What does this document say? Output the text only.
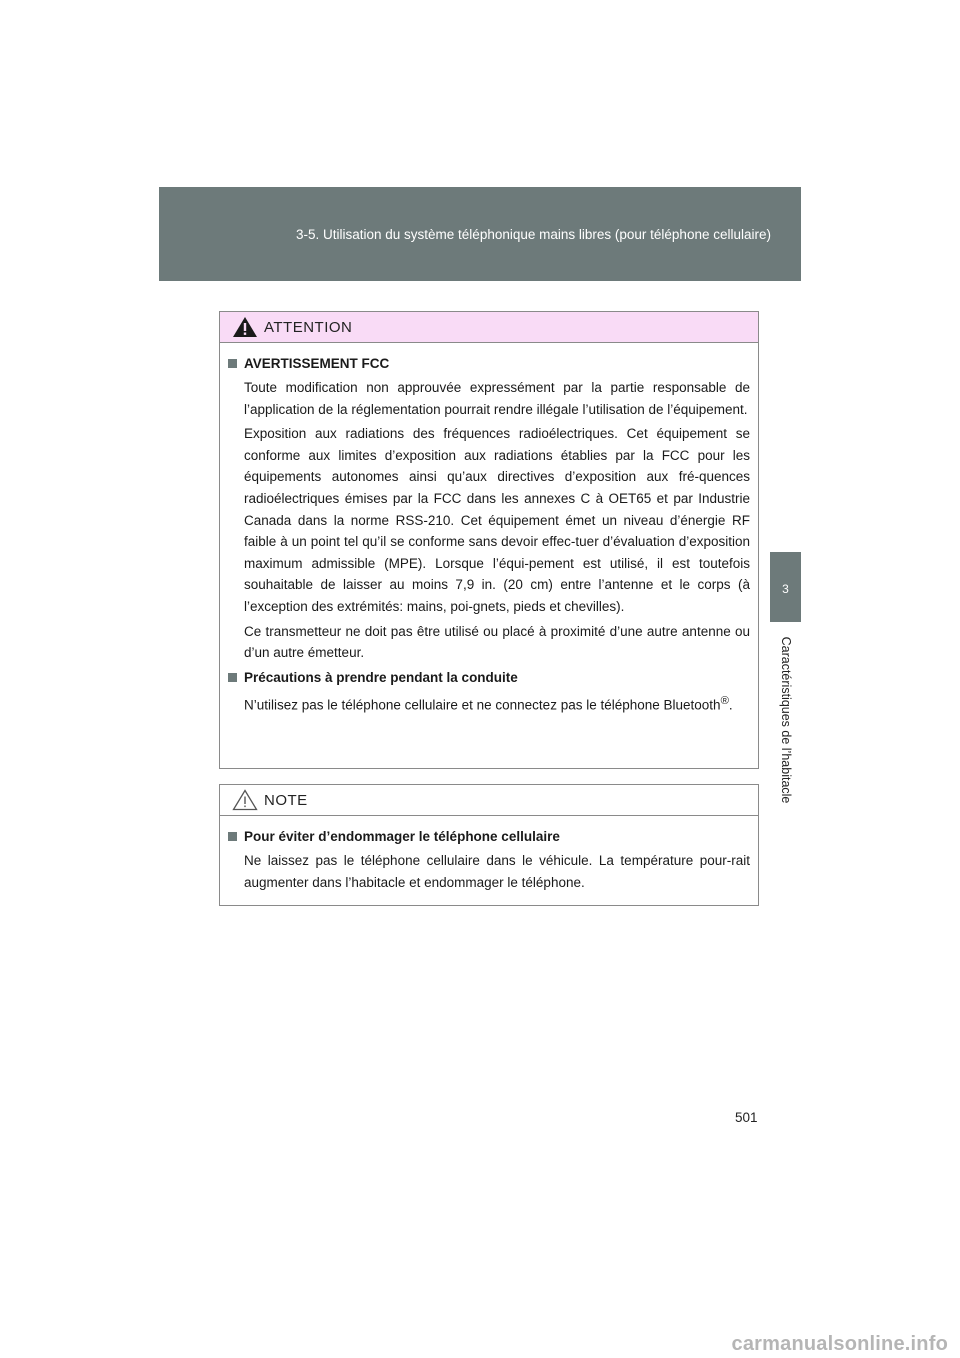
3-5. Utilisation du système téléphonique mains libres (pour téléphone cellulaire)
3
Caractéristiques de l’habitacle
ATTENTION
AVERTISSEMENT FCC

Toute modification non approuvée expressément par la partie responsable de l’application de la réglementation pourrait rendre illégale l’utilisation de l’équipement.

Exposition aux radiations des fréquences radioélectriques. Cet équipement se conforme aux limites d’exposition aux radiations établies par la FCC pour les équipements autonomes ainsi qu’aux directives d’exposition aux fré-quences radioélectriques émises par la FCC dans les annexes C à OET65 et par Industrie Canada dans la norme RSS-210. Cet équipement émet un niveau d’énergie RF faible à un point tel qu’il se conforme sans devoir effec-tuer d’évaluation d’exposition maximum admissible (MPE). Lorsque l’équi-pement est utilisé, il est toutefois souhaitable de laisser au moins 7,9 in. (20 cm) entre l’antenne et le corps (à l’exception des extrémités: mains, poi-gnets, pieds et chevilles).

Ce transmetteur ne doit pas être utilisé ou placé à proximité d’une autre antenne ou d’un autre émetteur.

Précautions à prendre pendant la conduite

N’utilisez pas le téléphone cellulaire et ne connectez pas le téléphone Bluetooth®.

NOTE
Pour éviter d’endommager le téléphone cellulaire

Ne laissez pas le téléphone cellulaire dans le véhicule. La température pour-rait augmenter dans l’habitacle et endommager le téléphone.

501
carmanualsonline.info
